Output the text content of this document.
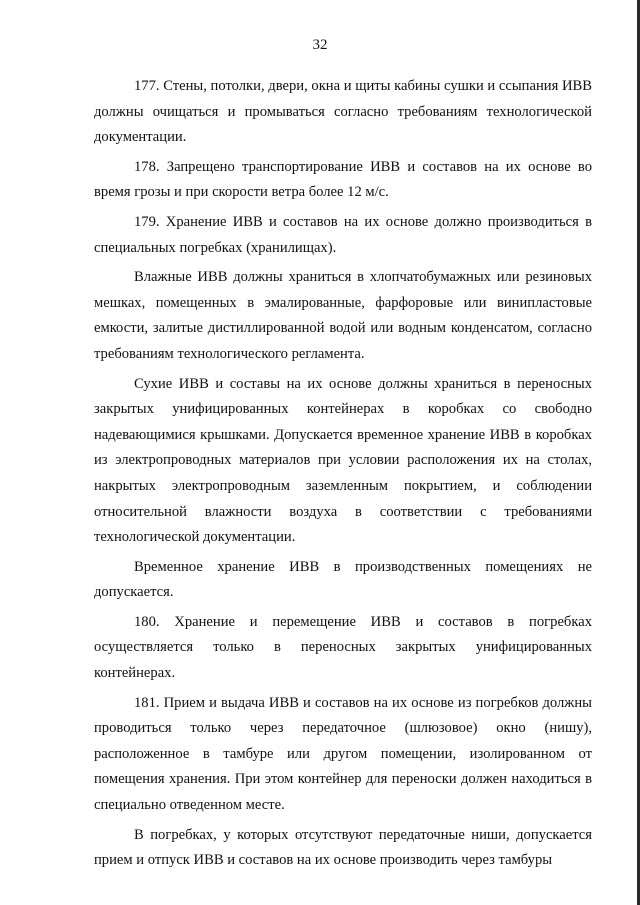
32

177. Стены, потолки, двери, окна и щиты кабины сушки и ссыпания ИВВ должны очищаться и промываться согласно требованиям технологической документации.

178. Запрещено транспортирование ИВВ и составов на их основе во время грозы и при скорости ветра более 12 м/с.

179. Хранение ИВВ и составов на их основе должно производиться в специальных погребках (хранилищах).

Влажные ИВВ должны храниться в хлопчатобумажных или резиновых мешках, помещенных в эмалированные, фарфоровые или винипластовые емкости, залитые дистиллированной водой или водным конденсатом, согласно требованиям технологического регламента.

Сухие ИВВ и составы на их основе должны храниться в переносных закрытых унифицированных контейнерах в коробках со свободно надевающимися крышками. Допускается временное хранение ИВВ в коробках из электропроводных материалов при условии расположения их на столах, накрытых электропроводным заземленным покрытием, и соблюдении относительной влажности воздуха в соответствии с требованиями технологической документации.

Временное хранение ИВВ в производственных помещениях не допускается.

180. Хранение и перемещение ИВВ и составов в погребках осуществляется только в переносных закрытых унифицированных контейнерах.

181. Прием и выдача ИВВ и составов на их основе из погребков должны проводиться только через передаточное (шлюзовое) окно (нишу), расположенное в тамбуре или другом помещении, изолированном от помещения хранения. При этом контейнер для переноски должен находиться в специально отведенном месте.

В погребках, у которых отсутствуют передаточные ниши, допускается прием и отпуск ИВВ и составов на их основе производить через тамбуры
